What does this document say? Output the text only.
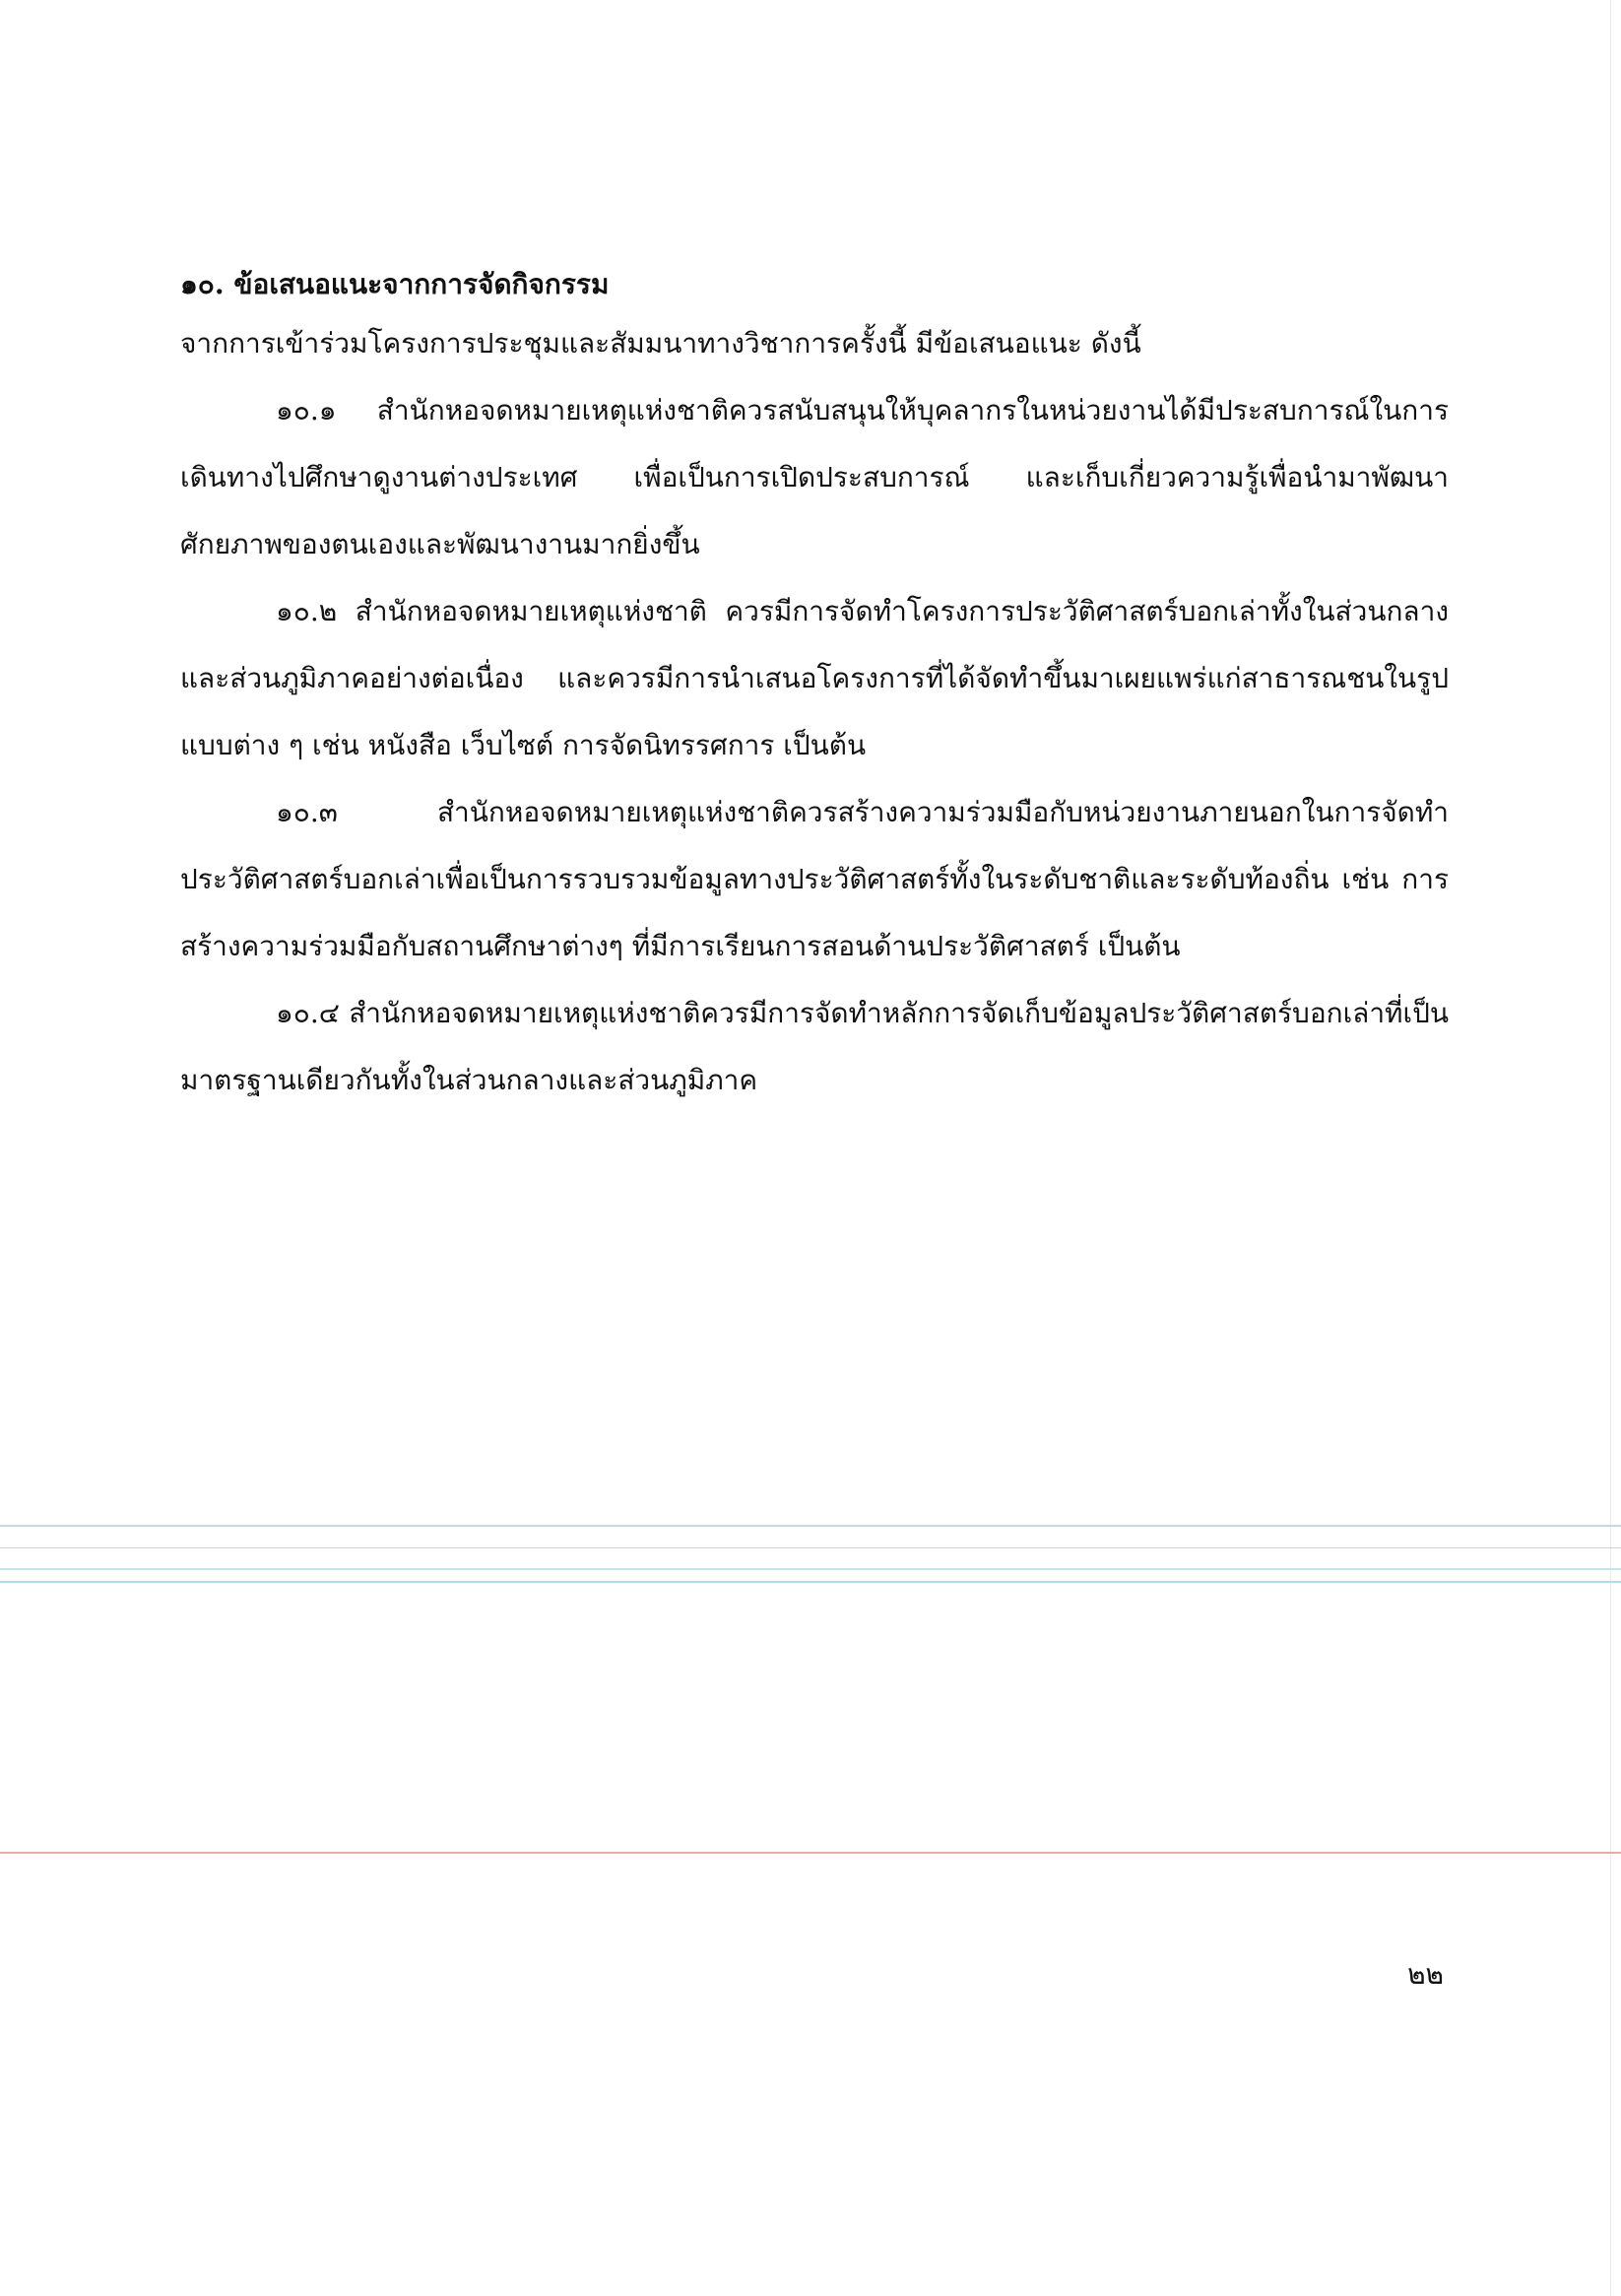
๑๐. ข้อเสนอแนะจากการจัดกิจกรรม

จากการเข้าร่วมโครงการประชุมและสัมมนาทางวิชาการครั้งนี้ มีข้อเสนอแนะ ดังนี้

๑๐.๑ สำนักหอจดหมายเหตุแห่งชาติควรสนับสนุนให้บุคลากรในหน่วยงานได้มีประสบการณ์ในการเดินทางไปศึกษาดูงานต่างประเทศ เพื่อเป็นการเปิดประสบการณ์ และเก็บเกี่ยวความรู้เพื่อนำมาพัฒนาศักยภาพของตนเองและพัฒนางานมากยิ่งขึ้น

๑๐.๒ สำนักหอจดหมายเหตุแห่งชาติ ควรมีการจัดทำโครงการประวัติศาสตร์บอกเล่าทั้งในส่วนกลางและส่วนภูมิภาคอย่างต่อเนื่อง และควรมีการนำเสนอโครงการที่ได้จัดทำขึ้นมาเผยแพร่แก่สาธารณชนในรูปแบบต่าง ๆ เช่น หนังสือ เว็บไซต์ การจัดนิทรรศการ เป็นต้น

๑๐.๓ สำนักหอจดหมายเหตุแห่งชาติควรสร้างความร่วมมือกับหน่วยงานภายนอกในการจัดทำประวัติศาสตร์บอกเล่าเพื่อเป็นการรวบรวมข้อมูลทางประวัติศาสตร์ทั้งในระดับชาติและระดับท้องถิ่น เช่น การสร้างความร่วมมือกับสถานศึกษาต่างๆ ที่มีการเรียนการสอนด้านประวัติศาสตร์ เป็นต้น

๑๐.๔ สำนักหอจดหมายเหตุแห่งชาติควรมีการจัดทำหลักการจัดเก็บข้อมูลประวัติศาสตร์บอกเล่าที่เป็นมาตรฐานเดียวกันทั้งในส่วนกลางและส่วนภูมิภาค

๒๒
